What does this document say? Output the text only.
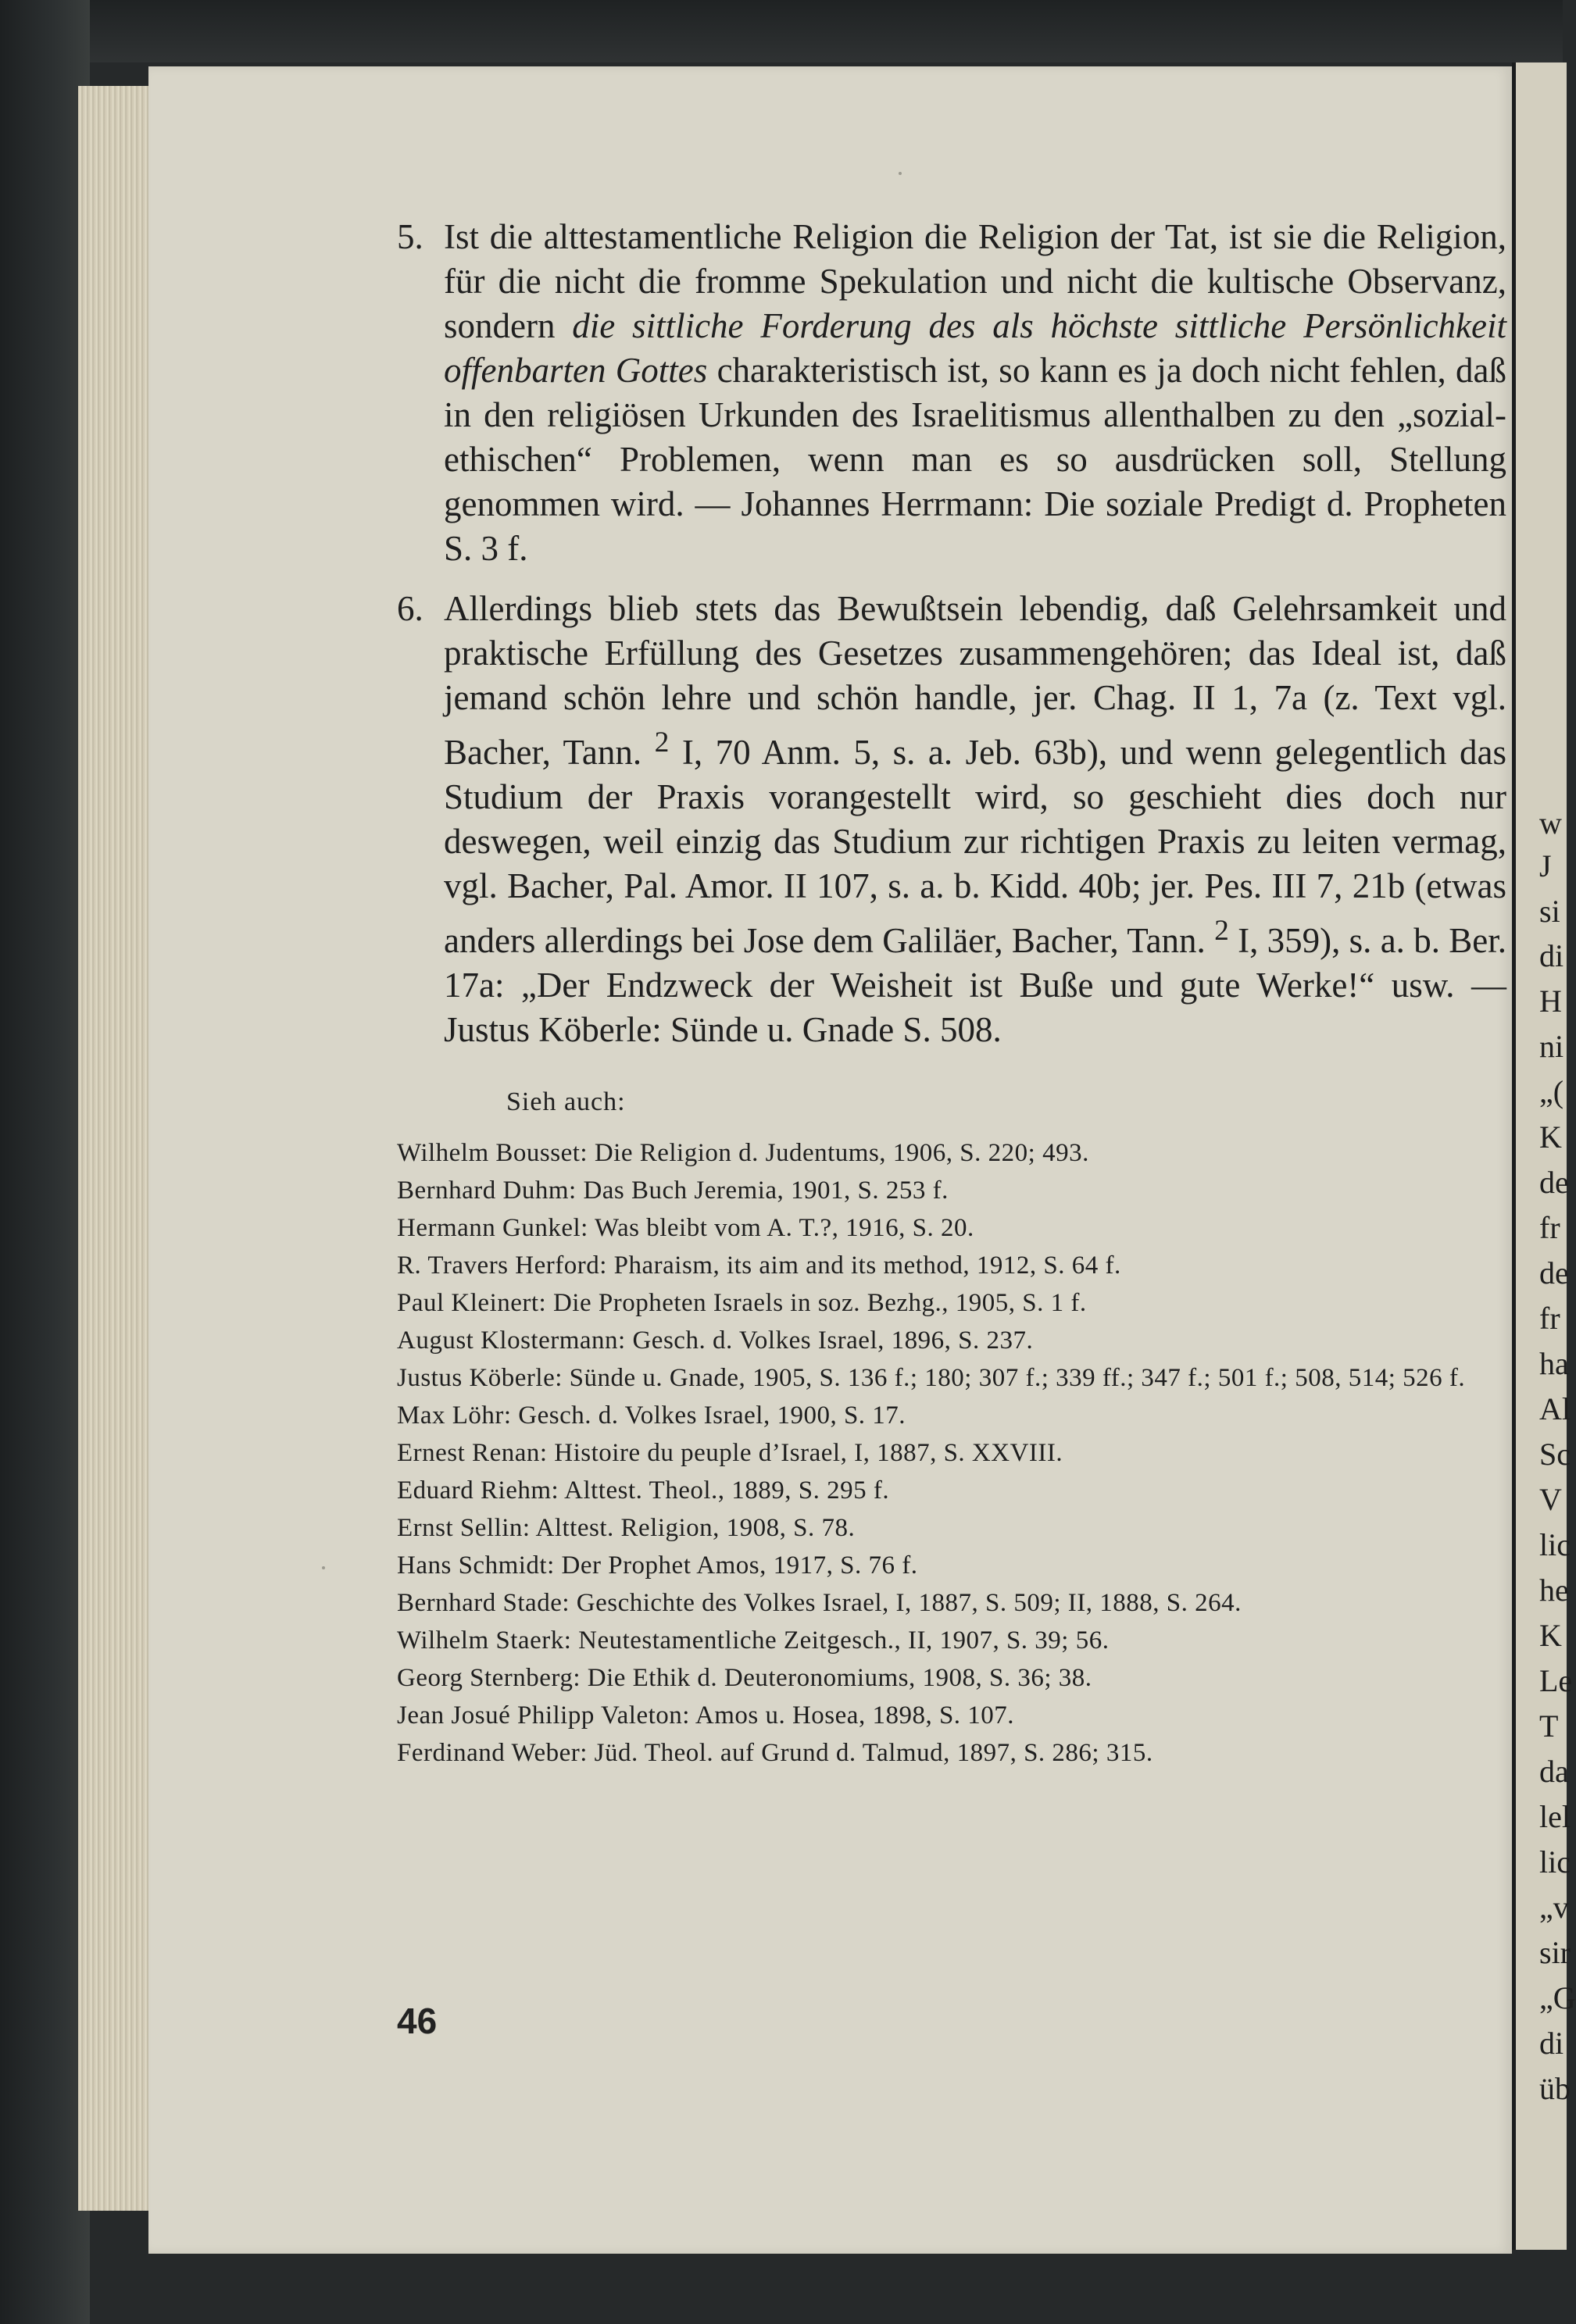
w
J
si
di
H
ni
„(
K
de
fr
de
fr
ha
Al
Sc
V
lic
he
K
Le
T
da
lel
lic
„v
sir
„G
di
üb
5. Ist die alttestamentliche Religion die Religion der Tat, ist sie die Religion, für die nicht die fromme Spekulation und nicht die kultische Observanz, sondern die sittliche Forderung des als höchste sittliche Persönlichkeit offenbarten Gottes charakteristisch ist, so kann es ja doch nicht fehlen, daß in den religiösen Urkunden des Israelitismus allenthalben zu den „sozial-ethischen“ Problemen, wenn man es so ausdrücken soll, Stellung genommen wird. — Johannes Herrmann: Die soziale Predigt d. Propheten S. 3 f.

6. Allerdings blieb stets das Bewußtsein lebendig, daß Gelehrsamkeit und praktische Erfüllung des Gesetzes zusammengehören; das Ideal ist, daß jemand schön lehre und schön handle, jer. Chag. II 1, 7a (z. Text vgl. Bacher, Tann. $^2$ I, 70 Anm. 5, s. a. Jeb. 63b), und wenn gelegentlich das Studium der Praxis vorangestellt wird, so geschieht dies doch nur deswegen, weil einzig das Studium zur richtigen Praxis zu leiten vermag, vgl. Bacher, Pal. Amor. II 107, s. a. b. Kidd. 40b; jer. Pes. III 7, 21b (etwas anders allerdings bei Jose dem Galiläer, Bacher, Tann. $^2$ I, 359), s. a. b. Ber. 17a: „Der Endzweck der Weisheit ist Buße und gute Werke!“ usw. — Justus Köberle: Sünde u. Gnade S. 508.

Sieh auch:
Wilhelm Bousset: Die Religion d. Judentums, 1906, S. 220; 493.
Bernhard Duhm: Das Buch Jeremia, 1901, S. 253 f.
Hermann Gunkel: Was bleibt vom A. T.?, 1916, S. 20.
R. Travers Herford: Pharaism, its aim and its method, 1912, S. 64 f.
Paul Kleinert: Die Propheten Israels in soz. Bezhg., 1905, S. 1 f.
August Klostermann: Gesch. d. Volkes Israel, 1896, S. 237.
Justus Köberle: Sünde u. Gnade, 1905, S. 136 f.; 180; 307 f.; 339 ff.; 347 f.; 501 f.; 508, 514; 526 f.
Max Löhr: Gesch. d. Volkes Israel, 1900, S. 17.
Ernest Renan: Histoire du peuple d’Israel, I, 1887, S. XXVIII.
Eduard Riehm: Alttest. Theol., 1889, S. 295 f.
Ernst Sellin: Alttest. Religion, 1908, S. 78.
Hans Schmidt: Der Prophet Amos, 1917, S. 76 f.
Bernhard Stade: Geschichte des Volkes Israel, I, 1887, S. 509; II, 1888, S. 264.
Wilhelm Staerk: Neutestamentliche Zeitgesch., II, 1907, S. 39; 56.
Georg Sternberg: Die Ethik d. Deuteronomiums, 1908, S. 36; 38.
Jean Josué Philipp Valeton: Amos u. Hosea, 1898, S. 107.
Ferdinand Weber: Jüd. Theol. auf Grund d. Talmud, 1897, S. 286; 315.
46
